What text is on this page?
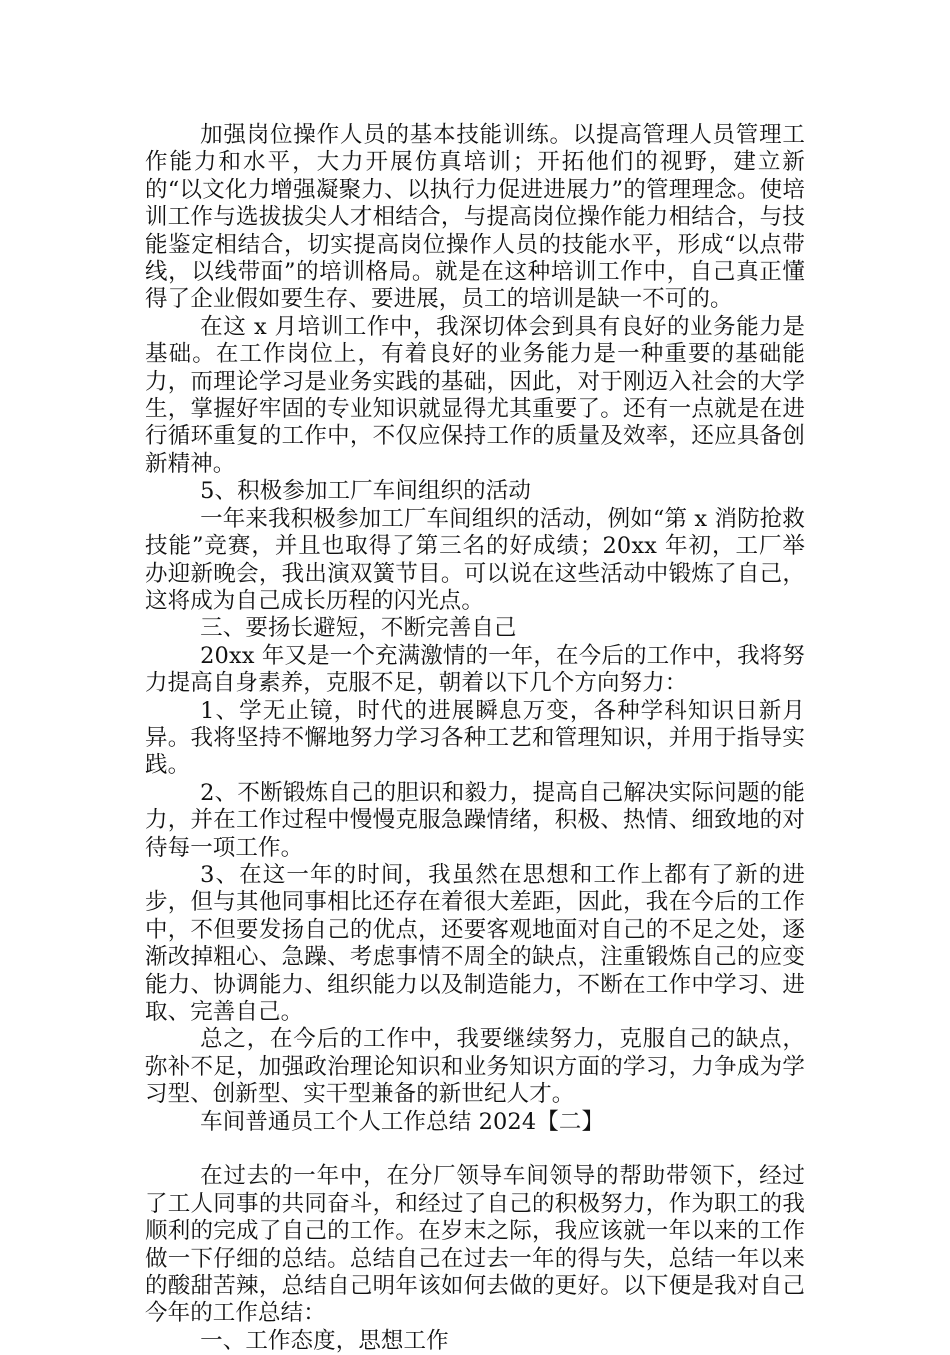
加强岗位操作人员的基本技能训练。以提高管理人员管理工作能力和水平，大力开展仿真培训；开拓他们的视野，建立新的“以文化力增强凝聚力、以执行力促进进展力”的管理理念。使培训工作与选拔拔尖人才相结合，与提高岗位操作能力相结合，与技能鉴定相结合，切实提高岗位操作人员的技能水平，形成“以点带线，以线带面”的培训格局。就是在这种培训工作中，自己真正懂得了企业假如要生存、要进展，员工的培训是缺一不可的。

在这 x 月培训工作中，我深切体会到具有良好的业务能力是基础。在工作岗位上，有着良好的业务能力是一种重要的基础能力，而理论学习是业务实践的基础，因此，对于刚迈入社会的大学生，掌握好牢固的专业知识就显得尤其重要了。还有一点就是在进行循环重复的工作中，不仅应保持工作的质量及效率，还应具备创新精神。

5、积极参加工厂车间组织的活动

一年来我积极参加工厂车间组织的活动，例如“第 x 消防抢救技能”竞赛，并且也取得了第三名的好成绩；20xx 年初，工厂举办迎新晚会，我出演双簧节目。可以说在这些活动中锻炼了自己，这将成为自己成长历程的闪光点。

三、要扬长避短，不断完善自己

20xx 年又是一个充满激情的一年，在今后的工作中，我将努力提高自身素养，克服不足，朝着以下几个方向努力：

1、学无止镜，时代的进展瞬息万变，各种学科知识日新月异。我将坚持不懈地努力学习各种工艺和管理知识，并用于指导实践。

2、不断锻炼自己的胆识和毅力，提高自己解决实际问题的能力，并在工作过程中慢慢克服急躁情绪，积极、热情、细致地的对待每一项工作。

3、在这一年的时间，我虽然在思想和工作上都有了新的进步，但与其他同事相比还存在着很大差距，因此，我在今后的工作中，不但要发扬自己的优点，还要客观地面对自己的不足之处，逐渐改掉粗心、急躁、考虑事情不周全的缺点，注重锻炼自己的应变能力、协调能力、组织能力以及制造能力，不断在工作中学习、进取、完善自己。

总之，在今后的工作中，我要继续努力，克服自己的缺点，弥补不足，加强政治理论知识和业务知识方面的学习，力争成为学习型、创新型、实干型兼备的新世纪人才。

车间普通员工个人工作总结 2024【二】

在过去的一年中，在分厂领导车间领导的帮助带领下，经过了工人同事的共同奋斗，和经过了自己的积极努力，作为职工的我顺利的完成了自己的工作。在岁末之际，我应该就一年以来的工作做一下仔细的总结。总结自己在过去一年的得与失，总结一年以来的酸甜苦辣，总结自己明年该如何去做的更好。以下便是我对自己今年的工作总结：

一、工作态度，思想工作
